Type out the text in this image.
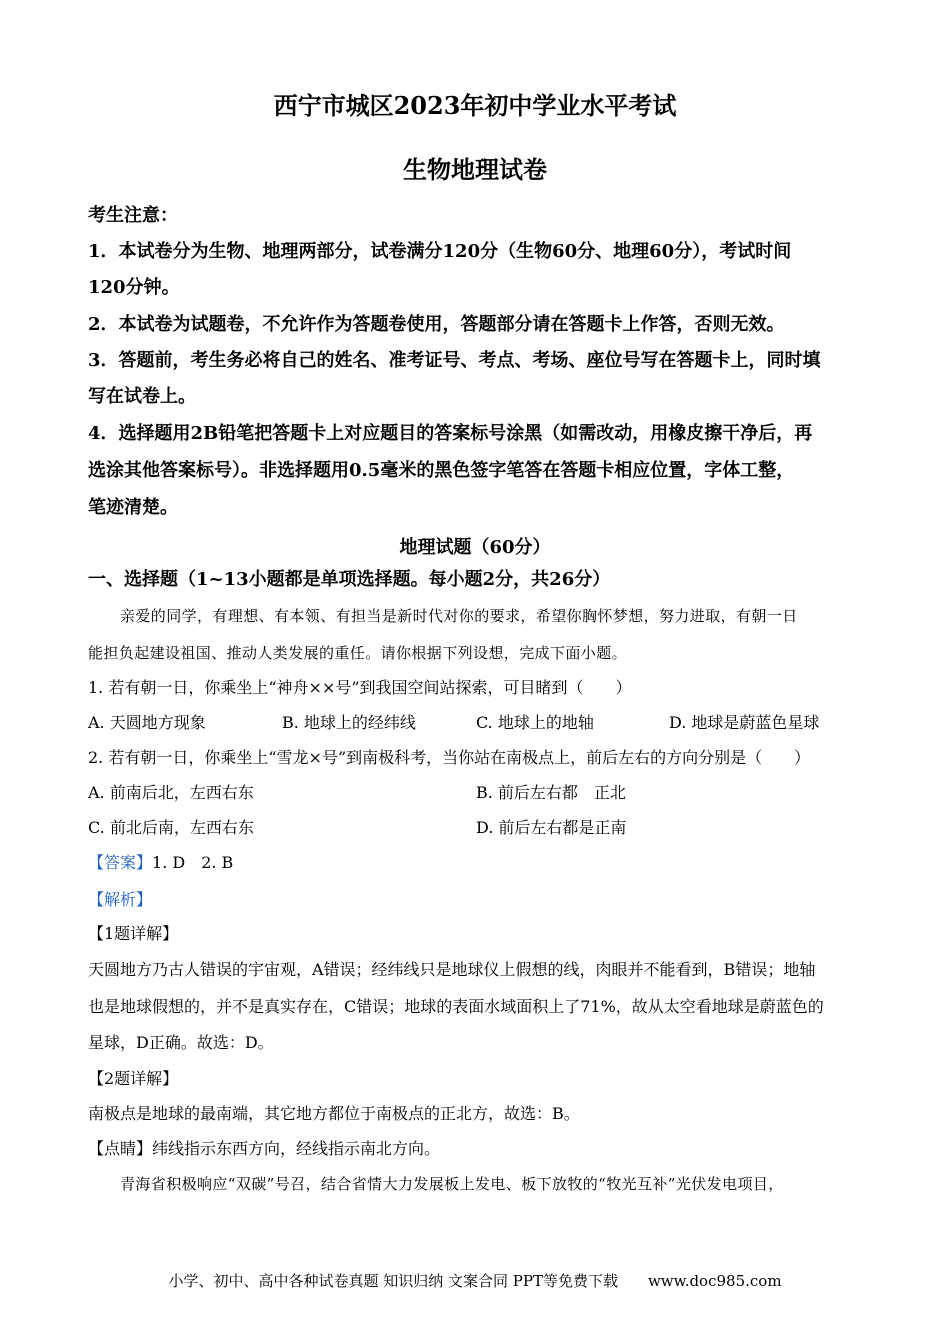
西宁市城区2023年初中学业水平考试
生物地理试卷
考生注意：
1．本试卷分为生物、地理两部分，试卷满分120分（生物60分、地理60分），考试时间
120分钟。
2．本试卷为试题卷，不允许作为答题卷使用，答题部分请在答题卡上作答，否则无效。
3．答题前，考生务必将自己的姓名、准考证号、考点、考场、座位号写在答题卡上，同时填
写在试卷上。
4．选择题用2B铅笔把答题卡上对应题目的答案标号涂黑（如需改动，用橡皮擦干净后，再
选涂其他答案标号）。非选择题用0.5毫米的黑色签字笔答在答题卡相应位置，字体工整，
笔迹清楚。
地理试题（60分）
一、选择题（1~13小题都是单项选择题。每小题2分，共26分）
亲爱的同学，有理想、有本领、有担当是新时代对你的要求，希望你胸怀梦想，努力进取，有朝一日
能担负起建设祖国、推动人类发展的重任。请你根据下列设想，完成下面小题。
1. 若有朝一日，你乘坐上“神舟××号”到我国空间站探索，可目睹到（　　）
A. 天圆地方现象	B. 地球上的经纬线	C. 地球上的地轴	D. 地球是蔚蓝色星球
2. 若有朝一日，你乘坐上“雪龙×号”到南极科考，当你站在南极点上，前后左右的方向分别是（　　）
A. 前南后北，左西右东	B. 前后左右都　正北
C. 前北后南，左西右东	D. 前后左右都是正南
【答案】1. D　2. B
【解析】
【1题详解】
天圆地方乃古人错误的宇宙观，A错误；经纬线只是地球仪上假想的线，肉眼并不能看到，B错误；地轴
也是地球假想的，并不是真实存在，C错误；地球的表面水域面积上了71%，故从太空看地球是蔚蓝色的
星球，D正确。故选：D。
【2题详解】
南极点是地球的最南端，其它地方都位于南极点的正北方，故选：B。
【点睛】纬线指示东西方向，经线指示南北方向。
青海省积极响应“双碳”号召，结合省情大力发展板上发电、板下放牧的“牧光互补”光伏发电项目，
小学、初中、高中各种试卷真题 知识归纳 文案合同 PPT等免费下载　　www.doc985.com
